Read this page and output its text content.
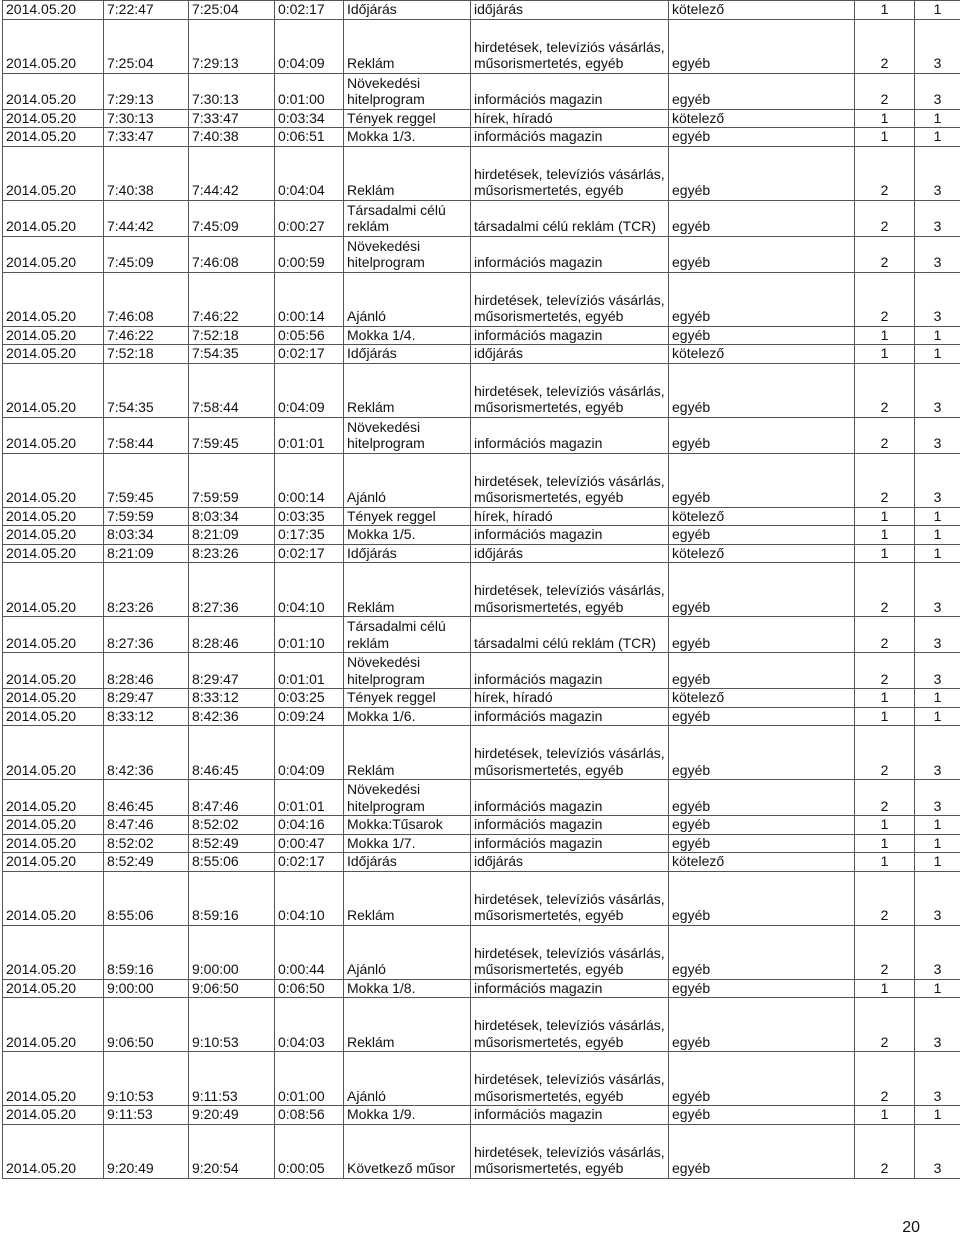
2014.05.20	7:22:47	7:25:04	0:02:17	Időjárás	időjárás	kötelező	1	1
2014.05.20	7:25:04	7:29:13	0:04:09	Reklám	hirdetések, televíziós vásárlás, műsorismertetés, egyéb	egyéb	2	3
2014.05.20	7:29:13	7:30:13	0:01:00	Növekedési hitelprogram	információs magazin	egyéb	2	3
2014.05.20	7:30:13	7:33:47	0:03:34	Tények reggel	hírek, híradó	kötelező	1	1
2014.05.20	7:33:47	7:40:38	0:06:51	Mokka 1/3.	információs magazin	egyéb	1	1
2014.05.20	7:40:38	7:44:42	0:04:04	Reklám	hirdetések, televíziós vásárlás, műsorismertetés, egyéb	egyéb	2	3
2014.05.20	7:44:42	7:45:09	0:00:27	Társadalmi célú reklám	társadalmi célú reklám (TCR)	egyéb	2	3
2014.05.20	7:45:09	7:46:08	0:00:59	Növekedési hitelprogram	információs magazin	egyéb	2	3
2014.05.20	7:46:08	7:46:22	0:00:14	Ajánló	hirdetések, televíziós vásárlás, műsorismertetés, egyéb	egyéb	2	3
2014.05.20	7:46:22	7:52:18	0:05:56	Mokka 1/4.	információs magazin	egyéb	1	1
2014.05.20	7:52:18	7:54:35	0:02:17	Időjárás	időjárás	kötelező	1	1
2014.05.20	7:54:35	7:58:44	0:04:09	Reklám	hirdetések, televíziós vásárlás, műsorismertetés, egyéb	egyéb	2	3
2014.05.20	7:58:44	7:59:45	0:01:01	Növekedési hitelprogram	információs magazin	egyéb	2	3
2014.05.20	7:59:45	7:59:59	0:00:14	Ajánló	hirdetések, televíziós vásárlás, műsorismertetés, egyéb	egyéb	2	3
2014.05.20	7:59:59	8:03:34	0:03:35	Tények reggel	hírek, híradó	kötelező	1	1
2014.05.20	8:03:34	8:21:09	0:17:35	Mokka 1/5.	információs magazin	egyéb	1	1
2014.05.20	8:21:09	8:23:26	0:02:17	Időjárás	időjárás	kötelező	1	1
2014.05.20	8:23:26	8:27:36	0:04:10	Reklám	hirdetések, televíziós vásárlás, műsorismertetés, egyéb	egyéb	2	3
2014.05.20	8:27:36	8:28:46	0:01:10	Társadalmi célú reklám	társadalmi célú reklám (TCR)	egyéb	2	3
2014.05.20	8:28:46	8:29:47	0:01:01	Növekedési hitelprogram	információs magazin	egyéb	2	3
2014.05.20	8:29:47	8:33:12	0:03:25	Tények reggel	hírek, híradó	kötelező	1	1
2014.05.20	8:33:12	8:42:36	0:09:24	Mokka 1/6.	információs magazin	egyéb	1	1
2014.05.20	8:42:36	8:46:45	0:04:09	Reklám	hirdetések, televíziós vásárlás, műsorismertetés, egyéb	egyéb	2	3
2014.05.20	8:46:45	8:47:46	0:01:01	Növekedési hitelprogram	információs magazin	egyéb	2	3
2014.05.20	8:47:46	8:52:02	0:04:16	Mokka:Tűsarok	információs magazin	egyéb	1	1
2014.05.20	8:52:02	8:52:49	0:00:47	Mokka 1/7.	információs magazin	egyéb	1	1
2014.05.20	8:52:49	8:55:06	0:02:17	Időjárás	időjárás	kötelező	1	1
2014.05.20	8:55:06	8:59:16	0:04:10	Reklám	hirdetések, televíziós vásárlás, műsorismertetés, egyéb	egyéb	2	3
2014.05.20	8:59:16	9:00:00	0:00:44	Ajánló	hirdetések, televíziós vásárlás, műsorismertetés, egyéb	egyéb	2	3
2014.05.20	9:00:00	9:06:50	0:06:50	Mokka 1/8.	információs magazin	egyéb	1	1
2014.05.20	9:06:50	9:10:53	0:04:03	Reklám	hirdetések, televíziós vásárlás, műsorismertetés, egyéb	egyéb	2	3
2014.05.20	9:10:53	9:11:53	0:01:00	Ajánló	hirdetések, televíziós vásárlás, műsorismertetés, egyéb	egyéb	2	3
2014.05.20	9:11:53	9:20:49	0:08:56	Mokka 1/9.	információs magazin	egyéb	1	1
2014.05.20	9:20:49	9:20:54	0:00:05	Következő műsor	hirdetések, televíziós vásárlás, műsorismertetés, egyéb	egyéb	2	3
20
